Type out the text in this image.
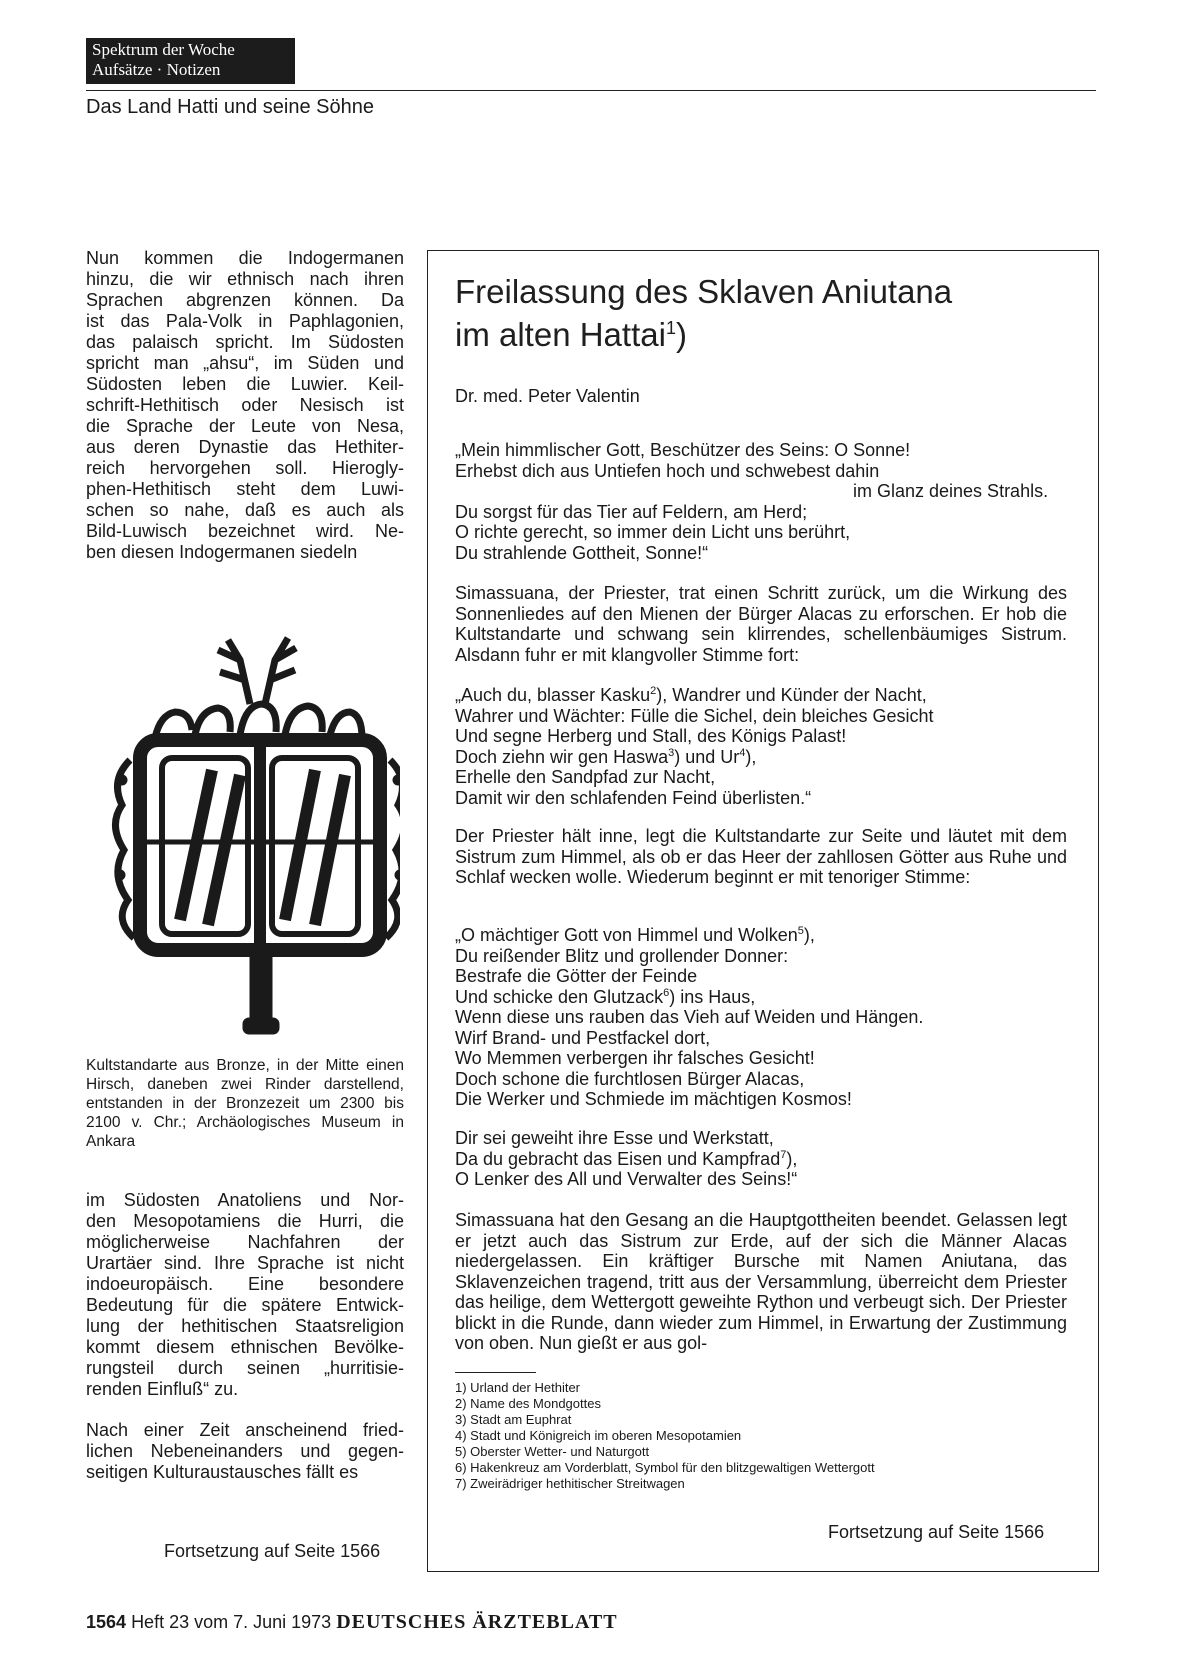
Spektrum der Woche
Aufsätze · Notizen
Das Land Hatti und seine Söhne
Nun kommen die Indogermanen
hinzu, die wir ethnisch nach ihren
Sprachen abgrenzen können. Da
ist das Pala-Volk in Paphlagonien,
das palaisch spricht. Im Südosten
spricht man „ahsu“, im Süden und
Südosten leben die Luwier. Keil-
schrift-Hethitisch oder Nesisch ist
die Sprache der Leute von Nesa,
aus deren Dynastie das Hethiter-
reich hervorgehen soll. Hierogly-
phen-Hethitisch steht dem Luwi-
schen so nahe, daß es auch als
Bild-Luwisch bezeichnet wird. Ne-
ben diesen Indogermanen siedeln
Kultstandarte aus Bronze, in der Mitte einen Hirsch, daneben zwei Rinder darstellend, entstanden in der Bronzezeit um 2300 bis 2100 v. Chr.; Archäologisches Museum in Ankara
im Südosten Anatoliens und Nor-
den Mesopotamiens die Hurri, die
möglicherweise Nachfahren der
Urartäer sind. Ihre Sprache ist nicht
indoeuropäisch. Eine besondere
Bedeutung für die spätere Entwick-
lung der hethitischen Staatsreligion
kommt diesem ethnischen Bevölke-
rungsteil durch seinen „hurritisie-
renden Einfluß“ zu.
Nach einer Zeit anscheinend fried-
lichen Nebeneinanders und gegen-
seitigen Kulturaustausches fällt es
Fortsetzung auf Seite 1566
Freilassung des Sklaven Aniutana
im alten Hattai$^1$)
Dr. med. Peter Valentin
„Mein himmlischer Gott, Beschützer des Seins: O Sonne!
Erhebst dich aus Untiefen hoch und schwebest dahin
im Glanz deines Strahls.
Du sorgst für das Tier auf Feldern, am Herd;
O richte gerecht, so immer dein Licht uns berührt,
Du strahlende Gottheit, Sonne!“

Simassuana, der Priester, trat einen Schritt zurück, um die Wirkung des Sonnenliedes auf den Mienen der Bürger Alacas zu erforschen. Er hob die Kultstandarte und schwang sein klirrendes, schellenbäumiges Sistrum. Alsdann fuhr er mit klangvoller Stimme fort:

„Auch du, blasser Kasku$^2$), Wandrer und Künder der Nacht,
Wahrer und Wächter: Fülle die Sichel, dein bleiches Gesicht
Und segne Herberg und Stall, des Königs Palast!
Doch ziehn wir gen Haswa$^3$) und Ur$^4$),
Erhelle den Sandpfad zur Nacht,
Damit wir den schlafenden Feind überlisten.“

Der Priester hält inne, legt die Kultstandarte zur Seite und läutet mit dem Sistrum zum Himmel, als ob er das Heer der zahllosen Götter aus Ruhe und Schlaf wecken wolle. Wiederum beginnt er mit tenoriger Stimme:

„O mächtiger Gott von Himmel und Wolken$^5$),
Du reißender Blitz und grollender Donner:
Bestrafe die Götter der Feinde
Und schicke den Glutzack$^6$) ins Haus,
Wenn diese uns rauben das Vieh auf Weiden und Hängen.
Wirf Brand- und Pestfackel dort,
Wo Memmen verbergen ihr falsches Gesicht!
Doch schone die furchtlosen Bürger Alacas,
Die Werker und Schmiede im mächtigen Kosmos!
Dir sei geweiht ihre Esse und Werkstatt,
Da du gebracht das Eisen und Kampfrad$^7$),
O Lenker des All und Verwalter des Seins!“

Simassuana hat den Gesang an die Hauptgottheiten beendet. Gelassen legt er jetzt auch das Sistrum zur Erde, auf der sich die Männer Alacas niedergelassen. Ein kräftiger Bursche mit Namen Aniutana, das Sklavenzeichen tragend, tritt aus der Versammlung, überreicht dem Priester das heilige, dem Wettergott geweihte Rython und verbeugt sich. Der Priester blickt in die Runde, dann wieder zum Himmel, in Erwartung der Zustimmung von oben. Nun gießt er aus gol-

1) Urland der Hethiter
2) Name des Mondgottes
3) Stadt am Euphrat
4) Stadt und Königreich im oberen Mesopotamien
5) Oberster Wetter- und Naturgott
6) Hakenkreuz am Vorderblatt, Symbol für den blitzgewaltigen Wettergott
7) Zweirädriger hethitischer Streitwagen
Fortsetzung auf Seite 1566
1564 Heft 23 vom 7. Juni 1973 DEUTSCHES ÄRZTEBLATT
